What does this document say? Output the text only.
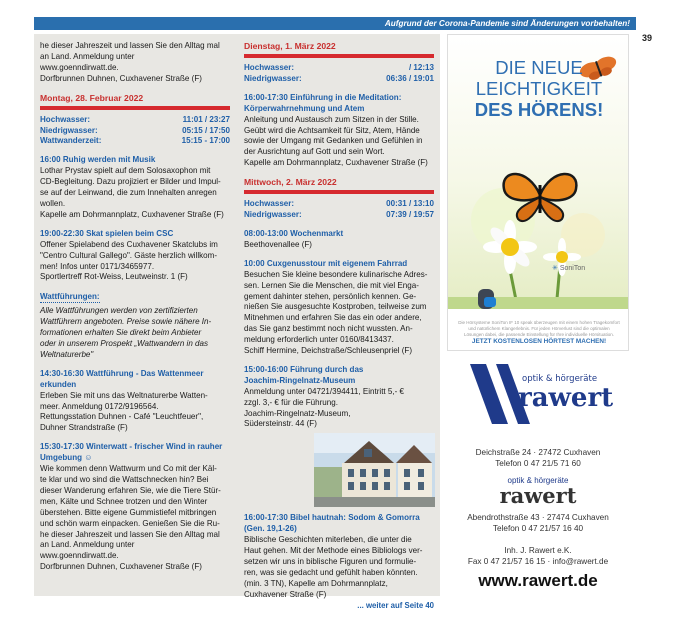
Aufgrund der Corona-Pandemie sind Änderungen vorbehalten!
39

he dieser Jahreszeit und lassen Sie den Alltag mal

an Land. Anmeldung unter

www.goenndirwatt.de.

Dorfbrunnen Duhnen, Cuxhavener Straße (F)

Montag, 28. Februar 2022
Hochwasser:	11:01 / 23:27
Niedrigwasser:	05:15 / 17:50
Wattwanderzeit:	15:15 - 17:00

16:00 Ruhig werden mit Musik

Lothar Prystav spielt auf dem Solosaxophon mit

CD-Begleitung. Dazu projiziert er Bilder und Impul-

se auf der Leinwand, die zum Innehalten anregen

wollen.

Kapelle am Dohrmannplatz, Cuxhavener Straße (F)

19:00-22:30 Skat spielen beim CSC

Offener Spielabend des Cuxhavener Skatclubs im

"Centro Cultural Gallego". Gäste herzlich willkom-

men! Infos unter 0171/3465977.

Sportlertreff Rot-Weiss, Leutweinstr. 1 (F)

Wattführungen:

Alle Wattführungen werden von zertifizierten

Wattführern angeboten. Preise sowie nähere In-

formationen erhalten Sie direkt beim Anbieter

oder in unserem Prospekt „Wattwandern in das

Weltnaturerbe"

14:30-16:30 Wattführung - Das Wattenmeer

erkunden

Erleben Sie mit uns das Weltnaturerbe Watten-

meer. Anmeldung 0172/9196564.

Rettungsstation Duhnen - Café "Leuchtfeuer",

Duhner Strandstraße (F)

15:30-17:30 Winterwatt - frischer Wind in rauher

Umgebung ☺

Wie kommen denn Wattwurm und Co mit der Käl-

te klar und wo sind die Wattschnecken hin? Bei

dieser Wanderung erfahren Sie, wie die Tiere Stür-

men, Kälte und Schnee trotzen und den Winter

überstehen. Bitte eigene Gummistiefel mitbringen

und schön warm einpacken. Genießen Sie die Ru-

he dieser Jahreszeit und lassen Sie den Alltag mal

an Land. Anmeldung unter

www.goenndirwatt.de.

Dorfbrunnen Duhnen, Cuxhavener Straße (F)

Dienstag, 1. März 2022
Hochwasser:	/ 12:13
Niedrigwasser:	06:36 / 19:01

16:00-17:30 Einführung in die Meditation:

Körperwahrnehmung und Atem

Anleitung und Austausch zum Sitzen in der Stille.

Geübt wird die Achtsamkeit für Sitz, Atem, Hände

sowie der Umgang mit Gedanken und Gefühlen in

der Ausrichtung auf Gott und sein Wort.

Kapelle am Dohrmannplatz, Cuxhavener Straße (F)

Mittwoch, 2. März 2022
Hochwasser:	00:31 / 13:10
Niedrigwasser:	07:39 / 19:57

08:00-13:00 Wochenmarkt

Beethovenallee (F)

10:00 Cuxgenusstour mit eigenem Fahrrad

Besuchen Sie kleine besondere kulinarische Adres-

sen. Lernen Sie die Menschen, die mit viel Enga-

gement dahinter stehen, persönlich kennen. Ge-

nießen Sie ausgesuchte Kostproben, teilweise zum

Mitnehmen und erfahren Sie das ein oder andere,

das Sie ganz bestimmt noch nicht wussten. An-

meldung erforderlich unter 0160/8413437.

Schiff Hermine, Deichstraße/Schleusenpriel (F)

15:00-16:00 Führung durch das

Joachim-Ringelnatz-Museum

Anmeldung unter 04721/394411, Eintritt 5,- €

zzgl. 3,- € für die Führung.

Joachim-Ringelnatz-Museum,

Südersteinstr. 44 (F)

16:00-17:30 Bibel hautnah: Sodom & Gomorra

(Gen. 19,1-26)

Biblische Geschichten miterleben, die unter die

Haut gehen. Mit der Methode eines Bibliologs ver-

setzen wir uns in biblische Figuren und formulie-

ren, was sie gedacht und gefühlt haben könnten.

(min. 3 TN), Kapelle am Dohrmannplatz,

Cuxhavener Straße (F)

... weiter auf Seite 40

DIE NEUE
LEICHTIGKEIT
DES HÖRENS!
✳ SoniTon
Die Hörsysteme SoniTon IF 10 speak überzeugen mit einem hohen Tragekomfort und natürlichem Klangerlebnis. Für jeden Hörverlust sind die optimalen Lösungen dabei, die passende Einstellung für Ihre individuelle Hörsituation.
JETZT KOSTENLOSEN HÖRTEST MACHEN!
optik & hörgeräte
rawert
Deichstraße 24 · 27472 Cuxhaven
Telefon 0 47 21/5 71 60
optik & hörgeräte
rawert
Abendrothstraße 43 · 27474 Cuxhaven
Telefon 0 47 21/57 16 40
Inh. J. Rawert e.K.
Fax 0 47 21/57 16 15 · info@rawert.de
www.rawert.de
